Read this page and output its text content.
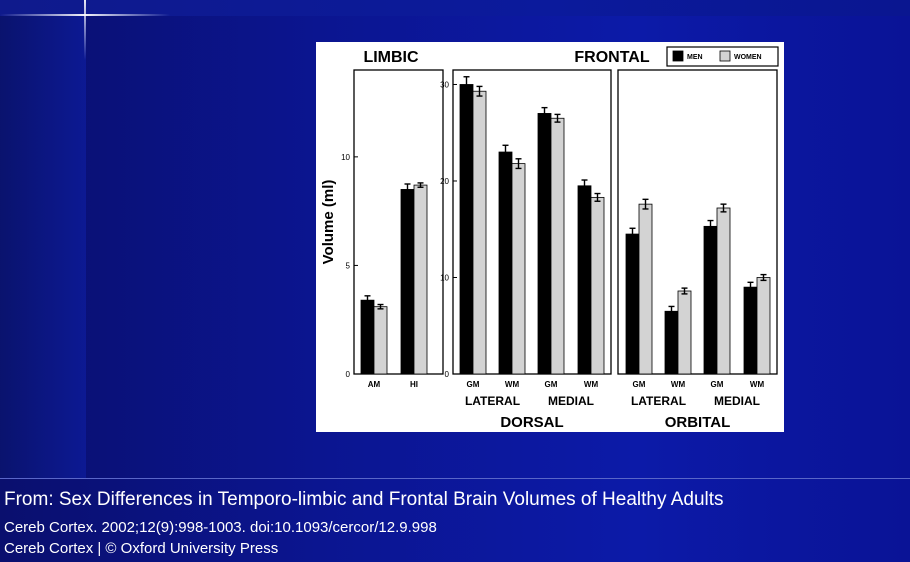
0
5
10
AM	HI
0
10
20
30
GM	WM	GM	WM
LATERAL MEDIAL
DORSAL
GM	WM	GM	WM
LATERAL MEDIAL
ORBITAL
LIMBIC	FRONTAL
Volume (ml)
MEN	WOMEN
From: Sex Differences in Temporo-limbic and Frontal Brain Volumes of Healthy Adults
Cereb Cortex. 2002;12(9):998-1003. doi:10.1093/cercor/12.9.998
Cereb Cortex | © Oxford University Press
